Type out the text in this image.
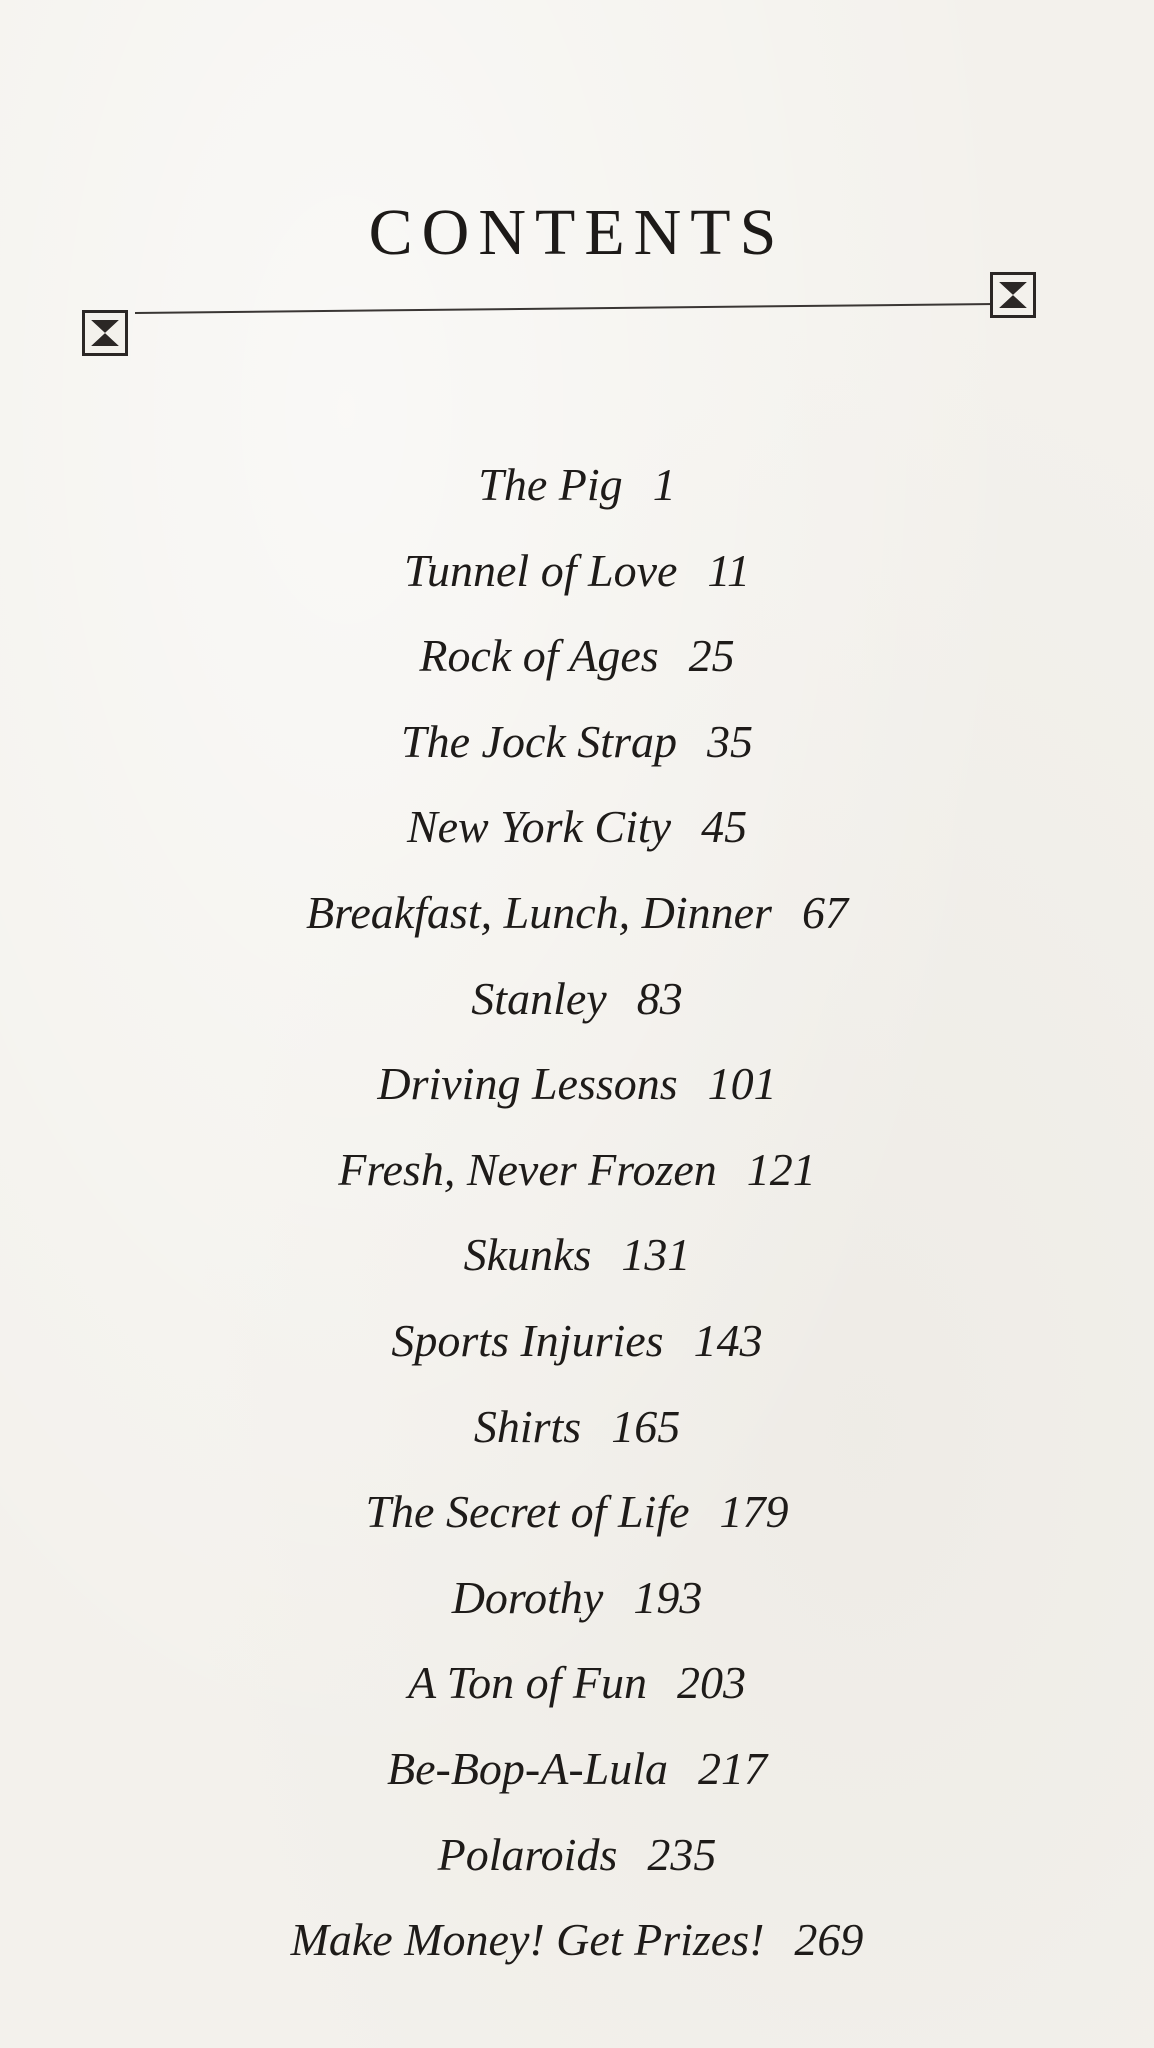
CONTENTS
The Pig 1
Tunnel of Love 11
Rock of Ages 25
The Jock Strap 35
New York City 45
Breakfast, Lunch, Dinner 67
Stanley 83
Driving Lessons 101
Fresh, Never Frozen 121
Skunks 131
Sports Injuries 143
Shirts 165
The Secret of Life 179
Dorothy 193
A Ton of Fun 203
Be-Bop-A-Lula 217
Polaroids 235
Make Money! Get Prizes! 269
